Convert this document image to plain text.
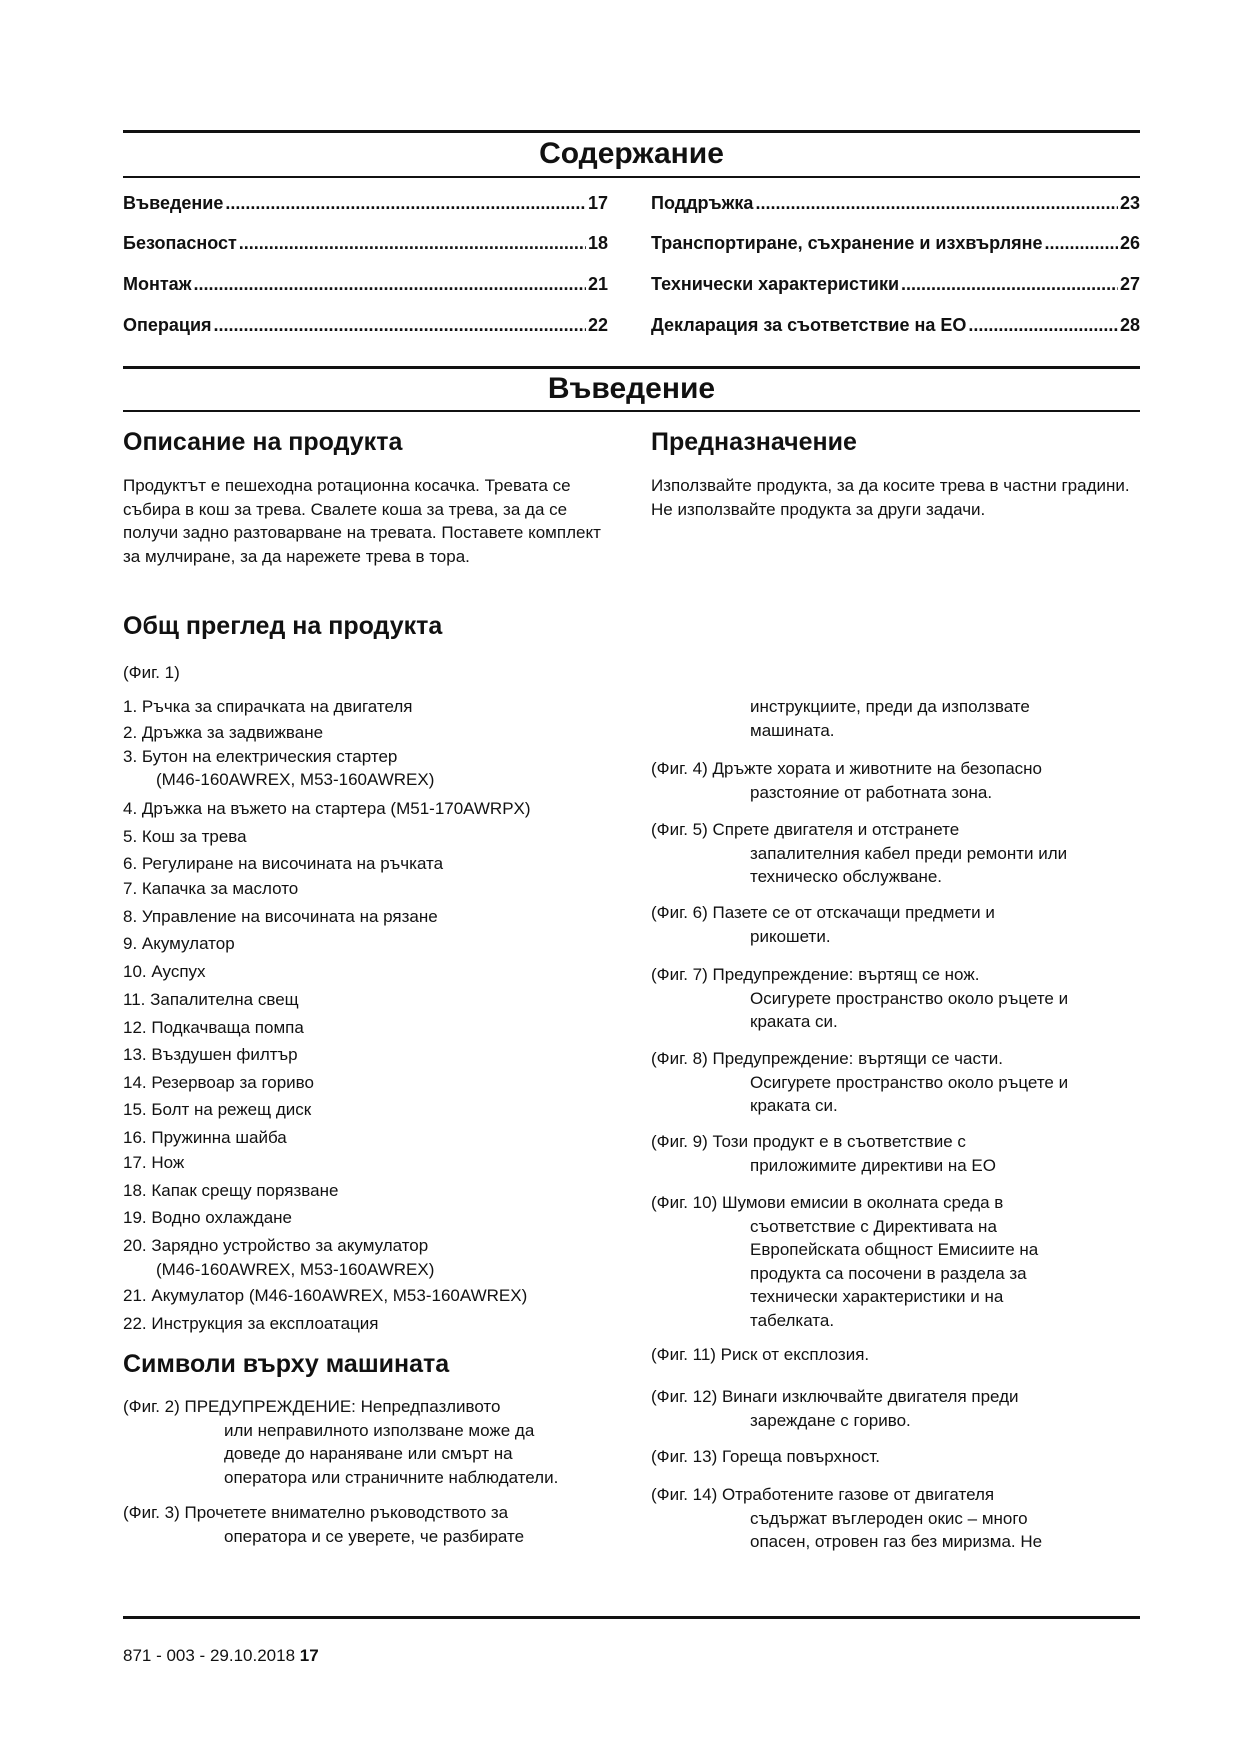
Содержание
Въведение .....	17
Безопасност .....	18
Монтаж .....	21
Операция .....	22
Поддръжка .....	23
Транспортиране, съхранение и изхвърляне .....	26
Технически характеристики .....	27
Декларация за съответствие на ЕО .....	28
Въведение
Описание на продукта
Продуктът е пешеходна ротационна косачка. Тревата се събира в кош за трева. Свалете коша за трева, за да се получи задно разтоварване на тревата. Поставете комплект за мулчиране, за да нарежете трева в тора.
Предназначение
Използвайте продукта, за да косите трева в частни градини. Не използвайте продукта за други задачи.
Общ преглед на продукта
(Фиг. 1)
1. Ръчка за спирачката на двигателя
2. Дръжка за задвижване
3. Бутон на електрическия стартер
(M46-160AWREX, M53-160AWREX)
4. Дръжка на въжето на стартера (M51-170AWRPX)
5. Кош за трева
6. Регулиране на височината на ръчката
7. Капачка за маслото
8. Управление на височината на рязане
9. Акумулатор
10. Ауспух
11. Запалителна свещ
12. Подкачваща помпа
13. Въздушен филтър
14. Резервоар за гориво
15. Болт на режещ диск
16. Пружинна шайба
17. Нож
18. Капак срещу порязване
19. Водно охлаждане
20. Зарядно устройство за акумулатор
(M46-160AWREX, M53-160AWREX)
21. Акумулатор (M46-160AWREX, M53-160AWREX)
22. Инструкция за експлоатация
Символи върху машината
(Фиг. 2) ПРЕДУПРЕЖДЕНИЕ: Непредпазливото
или неправилното използване може да
доведе до нараняване или смърт на
оператора или страничните наблюдатели.
(Фиг. 3) Прочетете внимателно ръководството за
оператора и се уверете, че разбирате
инструкциите, преди да използвате
машината.
(Фиг. 4) Дръжте хората и животните на безопасно
разстояние от работната зона.
(Фиг. 5) Спрете двигателя и отстранете
запалителния кабел преди ремонти или
техническо обслужване.
(Фиг. 6) Пазете се от отскачащи предмети и
рикошети.
(Фиг. 7) Предупреждение: въртящ се нож.
Осигурете пространство около ръцете и
краката си.
(Фиг. 8) Предупреждение: въртящи се части.
Осигурете пространство около ръцете и
краката си.
(Фиг. 9) Този продукт е в съответствие с
приложимите директиви на ЕО
(Фиг. 10) Шумови емисии в околната среда в
съответствие с Директивата на
Европейската общност Емисиите на
продукта са посочени в раздела за
технически характеристики и на
табелката.
(Фиг. 11) Риск от експлозия.
(Фиг. 12) Винаги изключвайте двигателя преди
зареждане с гориво.
(Фиг. 13) Гореща повърхност.
(Фиг. 14) Отработените газове от двигателя
съдържат въглероден окис – много
опасен, отровен газ без миризма. Не
871 - 003 - 29.10.2018 17
